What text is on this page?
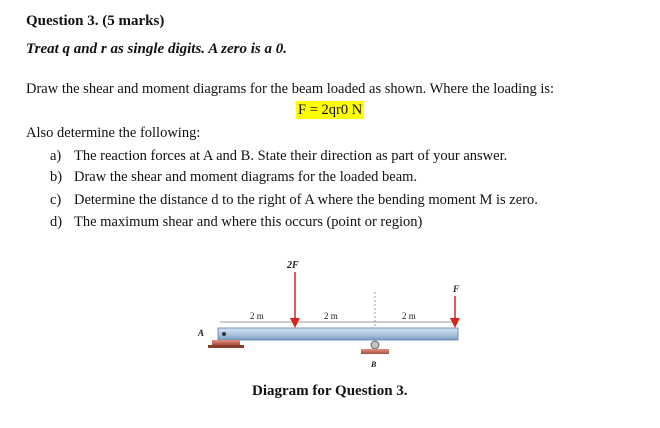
Question 3. (5 marks)
Treat q and r as single digits. A zero is a 0.
Draw the shear and moment diagrams for the beam loaded as shown. Where the loading is:
F = 2qr0 N
Also determine the following:
a) The reaction forces at A and B. State their direction as part of your answer.
b) Draw the shear and moment diagrams for the loaded beam.
c) Determine the distance d to the right of A where the bending moment M is zero.
d) The maximum shear and where this occurs (point or region)
2 m	2 m	2 m
A
B
2F
F
Diagram for Question 3.
